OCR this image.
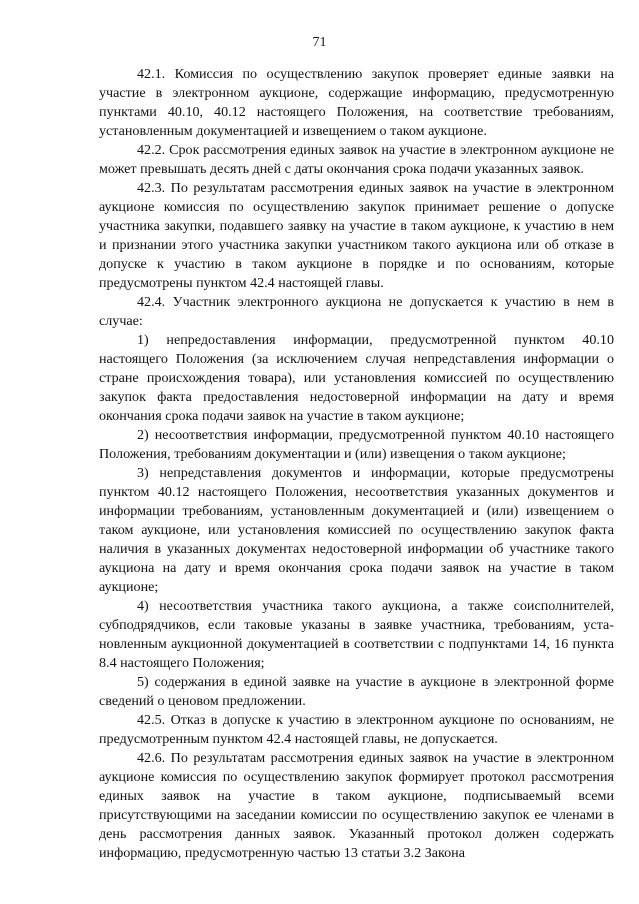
71

42.1. Комиссия по осуществлению закупок проверяет единые заявки на участие в электронном аукционе, содержащие информацию, предусмотренную пунктами 40.10, 40.12 настоящего Положения, на соответствие требованиям, установленным документацией и извещением о таком аукционе.

42.2. Срок рассмотрения единых заявок на участие в электронном аукционе не может превышать десять дней с даты окончания срока подачи указанных заявок.

42.3. По результатам рассмотрения единых заявок на участие в электронном аукционе комиссия по осуществлению закупок принимает решение о допуске участника закупки, подавшего заявку на участие в таком аукционе, к участию в нем и признании этого участника закупки участником такого аукциона или об отказе в допуске к участию в таком аукционе в порядке и по основаниям, которые предусмотрены пунктом 42.4 настоящей главы.

42.4. Участник электронного аукциона не допускается к участию в нем в случае:

1) непредоставления информации, предусмотренной пунктом 40.10 настоящего Положения (за исключением случая непредставления информации о стране происхождения товара), или установления комиссией по осуществлению закупок факта предоставления недостоверной информации на дату и время окончания срока подачи заявок на участие в таком аукционе;

2) несоответствия информации, предусмотренной пунктом 40.10 настоящего Положения, требованиям документации и (или) извещения о таком аукционе;

3) непредставления документов и информации, которые предусмотрены пунктом 40.12 настоящего Положения, несоответствия указанных документов и информации требованиям, установленным документацией и (или) извещением о таком аукционе, или установления комиссией по осуществлению закупок факта наличия в указанных документах недостоверной информации об участнике такого аукциона на дату и время окончания срока подачи заявок на участие в таком аукционе;

4) несоответствия участника такого аукциона, а также соисполнителей, субподрядчиков, если таковые указаны в заявке участника, требованиям, установленным аукционной документацией в соответствии с подпунктами 14, 16 пункта 8.4 настоящего Положения;

5) содержания в единой заявке на участие в аукционе в электронной форме сведений о ценовом предложении.

42.5. Отказ в допуске к участию в электронном аукционе по основаниям, не предусмотренным пунктом 42.4 настоящей главы, не допускается.

42.6. По результатам рассмотрения единых заявок на участие в электронном аукционе комиссия по осуществлению закупок формирует протокол рассмотрения единых заявок на участие в таком аукционе, подписываемый всеми присутствующими на заседании комиссии по осуществлению закупок ее членами в день рассмотрения данных заявок. Указанный протокол должен содержать информацию, предусмотренную частью 13 статьи 3.2 Закона
